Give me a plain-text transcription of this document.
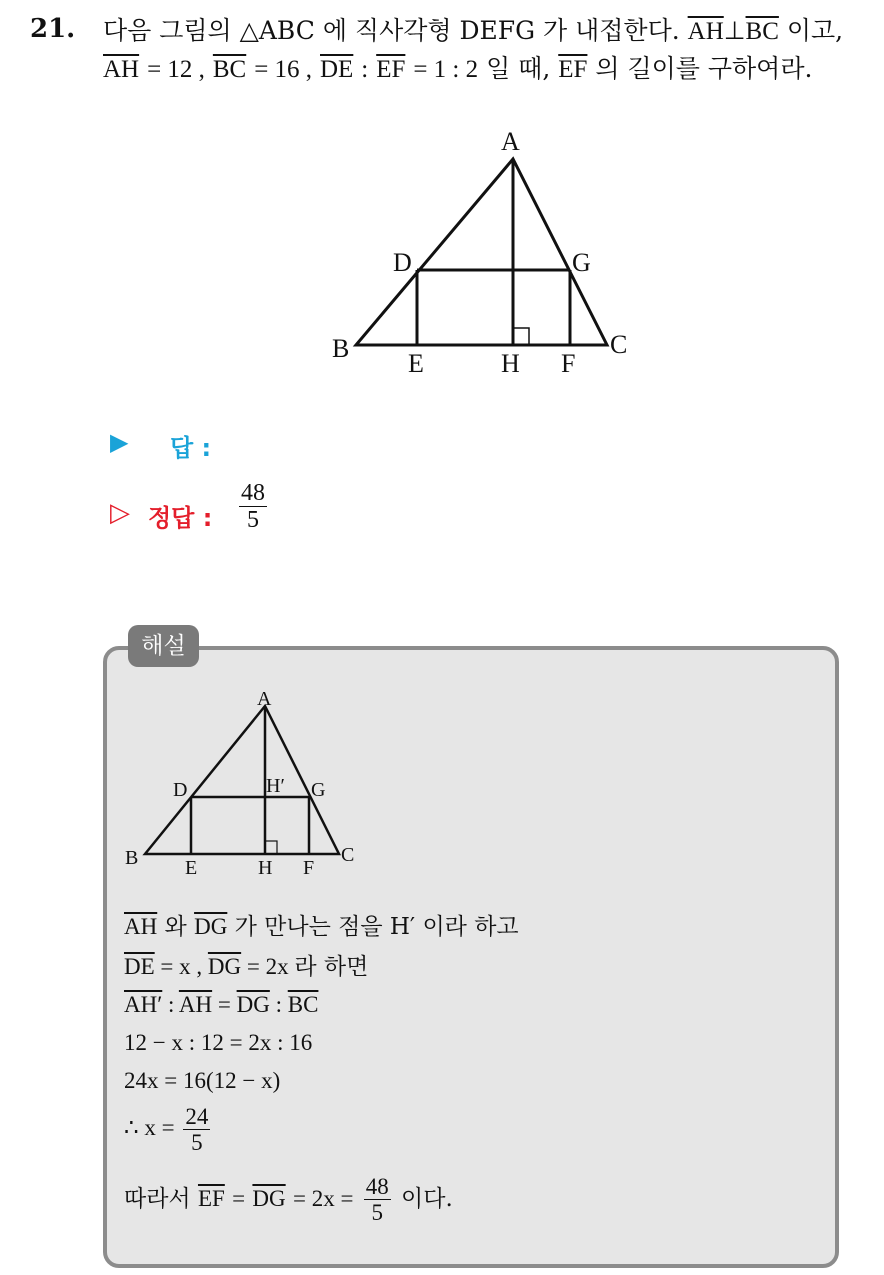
21. 다음 그림의 △ABC 에 직사각형 DEFG 가 내접한다. $\overline{AH}\perp\overline{BC}$ 이고,
$\overline{AH} = 12$ , $\overline{BC} = 16$ , $\overline{DE}$ : $\overline{EF} = 1$ : 2 일 때, $\overline{EF}$ 의 길이를 구하여라.
A
B	C
D
E	F
G
H
▶ 답 :
▷ 정답 : $\frac{48}{5}$
해설
A
B	C
D
E	F
G
H
H′
$\overline{AH}$ 와 $\overline{DG}$ 가 만나는 점을 H′ 이라 하고
$\overline{DE} = x$ , $\overline{DG} = 2x$ 라 하면
AH′ : $\overline{AH} = \overline{DG}$ : $\overline{BC}$
12 − x : 12 = 2x : 16
24x = 16(12 − x)
∴ $x = \frac{24}{5}$
따라서 $\overline{EF} = \overline{DG} = 2x = \frac{48}{5}$ 이다.
